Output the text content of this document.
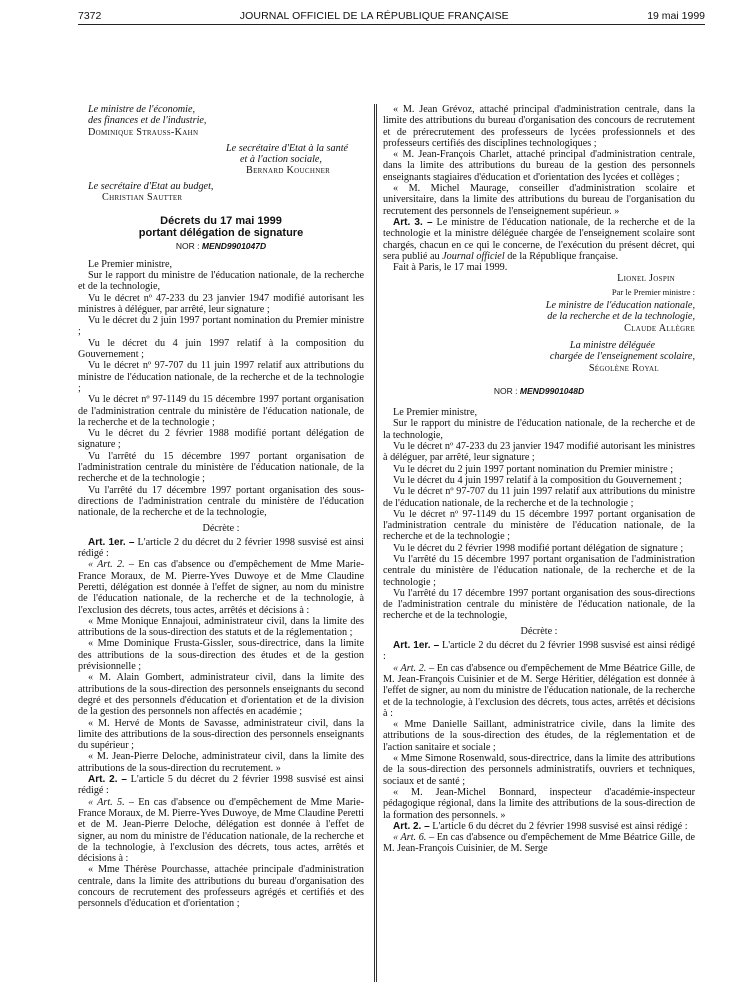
7372	JOURNAL OFFICIEL DE LA RÉPUBLIQUE FRANÇAISE	19 mai 1999

Le ministre de l'économie,

des finances et de l'industrie,

Dominique Strauss-Kahn

Le secrétaire d'Etat à la santé

et à l'action sociale,

Bernard Kouchner

Le secrétaire d'Etat au budget,

Christian Sautter

Décrets du 17 mai 1999
portant délégation de signature
NOR : MEND9901047D

Le Premier ministre,

Sur le rapport du ministre de l'éducation nationale, de la recherche et de la technologie,

Vu le décret nº 47-233 du 23 janvier 1947 modifié autorisant les ministres à déléguer, par arrêté, leur signature ;

Vu le décret du 2 juin 1997 portant nomination du Premier ministre ;

Vu le décret du 4 juin 1997 relatif à la composition du Gouvernement ;

Vu le décret nº 97-707 du 11 juin 1997 relatif aux attributions du ministre de l'éducation nationale, de la recherche et de la technologie ;

Vu le décret nº 97-1149 du 15 décembre 1997 portant organisation de l'administration centrale du ministère de l'éducation nationale, de la recherche et de la technologie ;

Vu le décret du 2 février 1988 modifié portant délégation de signature ;

Vu l'arrêté du 15 décembre 1997 portant organisation de l'administration centrale du ministère de l'éducation nationale, de la recherche et de la technologie ;

Vu l'arrêté du 17 décembre 1997 portant organisation des sous-directions de l'administration centrale du ministère de l'éducation nationale, de la recherche et de la technologie,

Décrète :

Art. 1er. – L'article 2 du décret du 2 février 1998 susvisé est ainsi rédigé :

« Art. 2. – En cas d'absence ou d'empêchement de Mme Marie-France Moraux, de M. Pierre-Yves Duwoye et de Mme Claudine Peretti, délégation est donnée à l'effet de signer, au nom du ministre de l'éducation nationale, de la recherche et de la technologie, à l'exclusion des décrets, tous actes, arrêtés et décisions à :

« Mme Monique Ennajoui, administrateur civil, dans la limite des attributions de la sous-direction des statuts et de la réglementation ;

« Mme Dominique Frusta-Gissler, sous-directrice, dans la limite des attributions de la sous-direction des études et de la gestion prévisionnelle ;

« M. Alain Gombert, administrateur civil, dans la limite des attributions de la sous-direction des personnels enseignants du second degré et des personnels d'éducation et d'orientation et de la division de la gestion des personnels non affectés en académie ;

« M. Hervé de Monts de Savasse, administrateur civil, dans la limite des attributions de la sous-direction des personnels enseignants du supérieur ;

« M. Jean-Pierre Deloche, administrateur civil, dans la limite des attributions de la sous-direction du recrutement. »

Art. 2. – L'article 5 du décret du 2 février 1998 susvisé est ainsi rédigé :

« Art. 5. – En cas d'absence ou d'empêchement de Mme Marie-France Moraux, de M. Pierre-Yves Duwoye, de Mme Claudine Peretti et de M. Jean-Pierre Deloche, délégation est donnée à l'effet de signer, au nom du ministre de l'éducation nationale, de la recherche et de la technologie, à l'exclusion des décrets, tous actes, arrêtés et décisions à :

« Mme Thérèse Pourchasse, attachée principale d'administration centrale, dans la limite des attributions du bureau d'organisation des concours de recrutement des professeurs agrégés et certifiés et des personnels d'éducation et d'orientation ;

« M. Jean Grévoz, attaché principal d'administration centrale, dans la limite des attributions du bureau d'organisation des concours de recrutement et de prérecrutement des professeurs de lycées professionnels et des professeurs certifiés des disciplines technologiques ;

« M. Jean-François Charlet, attaché principal d'administration centrale, dans la limite des attributions du bureau de la gestion des personnels enseignants stagiaires d'éducation et d'orientation des lycées et collèges ;

« M. Michel Maurage, conseiller d'administration scolaire et universitaire, dans la limite des attributions du bureau de l'organisation du recrutement des personnels de l'enseignement supérieur. »

Art. 3. – Le ministre de l'éducation nationale, de la recherche et de la technologie et la ministre déléguée chargée de l'enseignement scolaire sont chargés, chacun en ce qui le concerne, de l'exécution du présent décret, qui sera publié au Journal officiel de la République française.

Fait à Paris, le 17 mai 1999.

Lionel Jospin

Par le Premier ministre :

Le ministre de l'éducation nationale,

de la recherche et de la technologie,

Claude Allègre

La ministre déléguée

chargée de l'enseignement scolaire,

Ségolène Royal

NOR : MEND9901048D

Le Premier ministre,

Sur le rapport du ministre de l'éducation nationale, de la recherche et de la technologie,

Vu le décret nº 47-233 du 23 janvier 1947 modifié autorisant les ministres à déléguer, par arrêté, leur signature ;

Vu le décret du 2 juin 1997 portant nomination du Premier ministre ;

Vu le décret du 4 juin 1997 relatif à la composition du Gouvernement ;

Vu le décret nº 97-707 du 11 juin 1997 relatif aux attributions du ministre de l'éducation nationale, de la recherche et de la technologie ;

Vu le décret nº 97-1149 du 15 décembre 1997 portant organisation de l'administration centrale du ministère de l'éducation nationale, de la recherche et de la technologie ;

Vu le décret du 2 février 1998 modifié portant délégation de signature ;

Vu l'arrêté du 15 décembre 1997 portant organisation de l'administration centrale du ministère de l'éducation nationale, de la recherche et de la technologie ;

Vu l'arrêté du 17 décembre 1997 portant organisation des sous-directions de l'administration centrale du ministère de l'éducation nationale, de la recherche et de la technologie,

Décrète :

Art. 1er. – L'article 2 du décret du 2 février 1998 susvisé est ainsi rédigé :

« Art. 2. – En cas d'absence ou d'empêchement de Mme Béatrice Gille, de M. Jean-François Cuisinier et de M. Serge Héritier, délégation est donnée à l'effet de signer, au nom du ministre de l'éducation nationale, de la recherche et de la technologie, à l'exclusion des décrets, tous actes, arrêtés et décisions à :

« Mme Danielle Saillant, administratrice civile, dans la limite des attributions de la sous-direction des études, de la réglementation et de l'action sanitaire et sociale ;

« Mme Simone Rosenwald, sous-directrice, dans la limite des attributions de la sous-direction des personnels administratifs, ouvriers et techniques, sociaux et de santé ;

« M. Jean-Michel Bonnard, inspecteur d'académie-inspecteur pédagogique régional, dans la limite des attributions de la sous-direction de la formation des personnels. »

Art. 2. – L'article 6 du décret du 2 février 1998 susvisé est ainsi rédigé :

« Art. 6. – En cas d'absence ou d'empêchement de Mme Béatrice Gille, de M. Jean-François Cuisinier, de M. Serge
